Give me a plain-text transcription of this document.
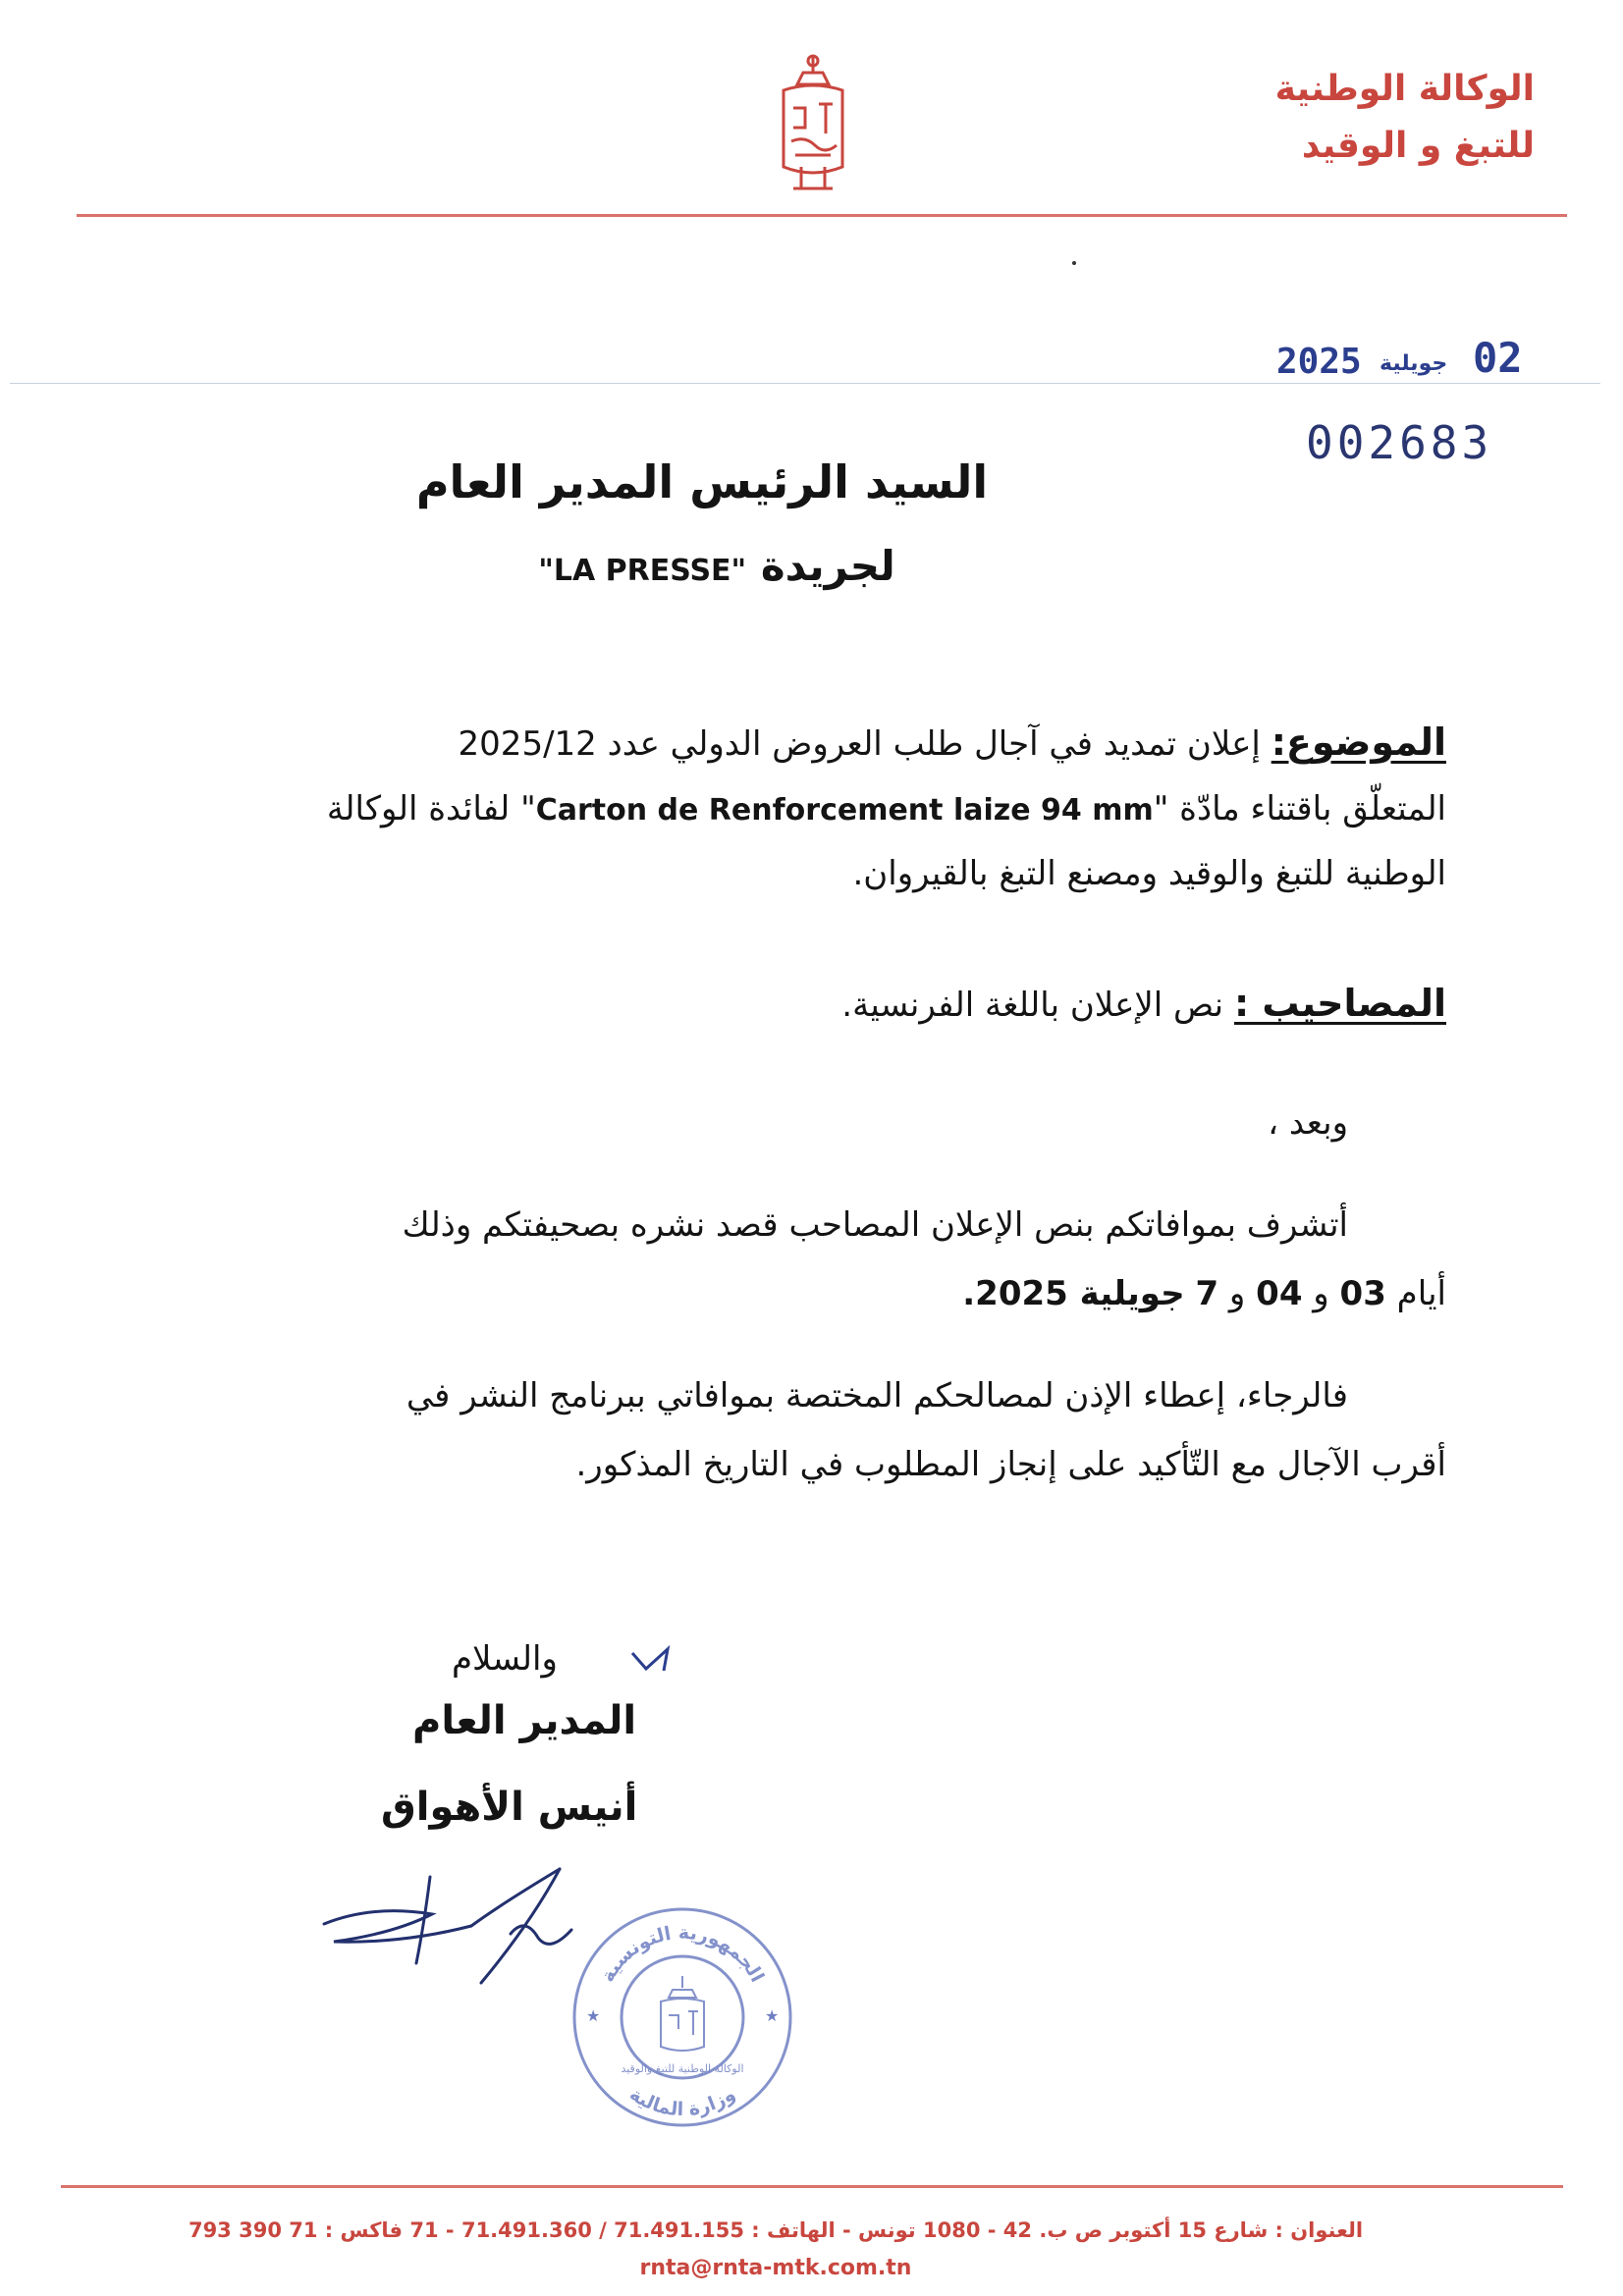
الوكالة الوطنية
للتبغ و الوقيد
2025 جويلية 02
002683
السيد الرئيس المدير العام
لجريدة "LA PRESSE"
الموضوع: إعلان تمديد في آجال طلب العروض الدولي عدد 2025/12
المتعلّق باقتناء مادّة "Carton de Renforcement laize 94 mm" لفائدة الوكالة
الوطنية للتبغ والوقيد ومصنع التبغ بالقيروان.
المصاحيب : نص الإعلان باللغة الفرنسية.
وبعد ،
أتشرف بموافاتكم بنص الإعلان المصاحب قصد نشره بصحيفتكم وذلك
أيام 03 و 04 و 7 جويلية 2025.
فالرجاء، إعطاء الإذن لمصالحكم المختصة بموافاتي ببرنامج النشر في
أقرب الآجال مع التّأكيد على إنجاز المطلوب في التاريخ المذكور.
والسلام
المدير العام
أنيس الأهواق
الجمهورية التونسية
وزارة المالية
الوكالة الوطنية للتبغ والوقيد
★	★
العنوان : شارع 15 أكتوبر ص ب. 42 - 1080 تونس - الهاتف : 71.491.155 / 71.491.360 - 71 فاكس : 71 390 793
rnta@rnta-mtk.com.tn
